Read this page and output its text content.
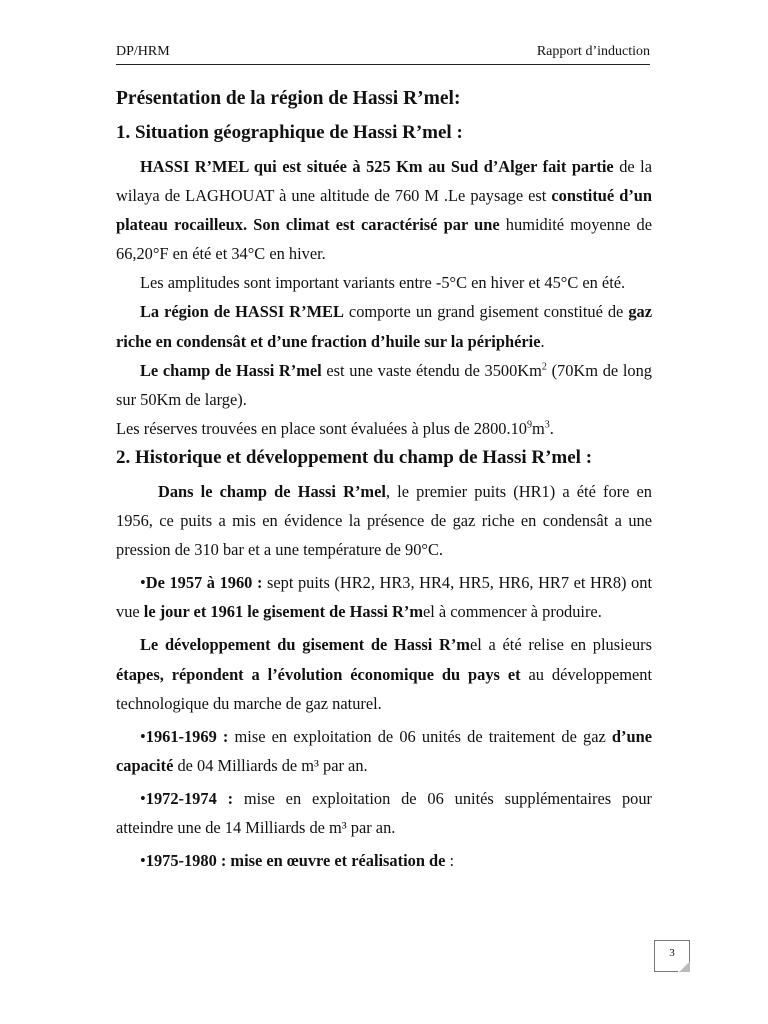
DP/HRM	Rapport d’induction
Présentation de la région de Hassi R’mel:
1. Situation géographique de Hassi R’mel :

HASSI R’MEL qui est située à 525 Km au Sud d’Alger fait partie de la wilaya de LAGHOUAT à une altitude de 760 M .Le paysage est constitué d’un plateau rocailleux. Son climat est caractérisé par une humidité moyenne de 66,20°F en été et 34°C en hiver.

Les amplitudes sont important variants entre -5°C en hiver et 45°C en été.

La région de HASSI R’MEL comporte un grand gisement constitué de gaz riche en condensât et d’une fraction d’huile sur la périphérie.

Le champ de Hassi R’mel est une vaste étendu de 3500Km$^2$ (70Km de long sur 50Km de large).

Les réserves trouvées en place sont évaluées à plus de $2800.10^9m^3$.

2. Historique et développement du champ de Hassi R’mel :

Dans le champ de Hassi R’mel, le premier puits (HR1) a été fore en 1956, ce puits a mis en évidence la présence de gaz riche en condensât a une pression de 310 bar et a une température de 90°C.

•De 1957 à 1960 : sept puits (HR2, HR3, HR4, HR5, HR6, HR7 et HR8) ont vue le jour et 1961 le gisement de Hassi R’mel à commencer à produire.

Le développement du gisement de Hassi R’mel a été relise en plusieurs étapes, répondent a l’évolution économique du pays et au développement technologique du marche de gaz naturel.

•1961-1969 : mise en exploitation de 06 unités de traitement de gaz d’une capacité de 04 Milliards de m³ par an.

•1972-1974 : mise en exploitation de 06 unités supplémentaires pour atteindre une de 14 Milliards de m³ par an.

•1975-1980 : mise en œuvre et réalisation de :

3
